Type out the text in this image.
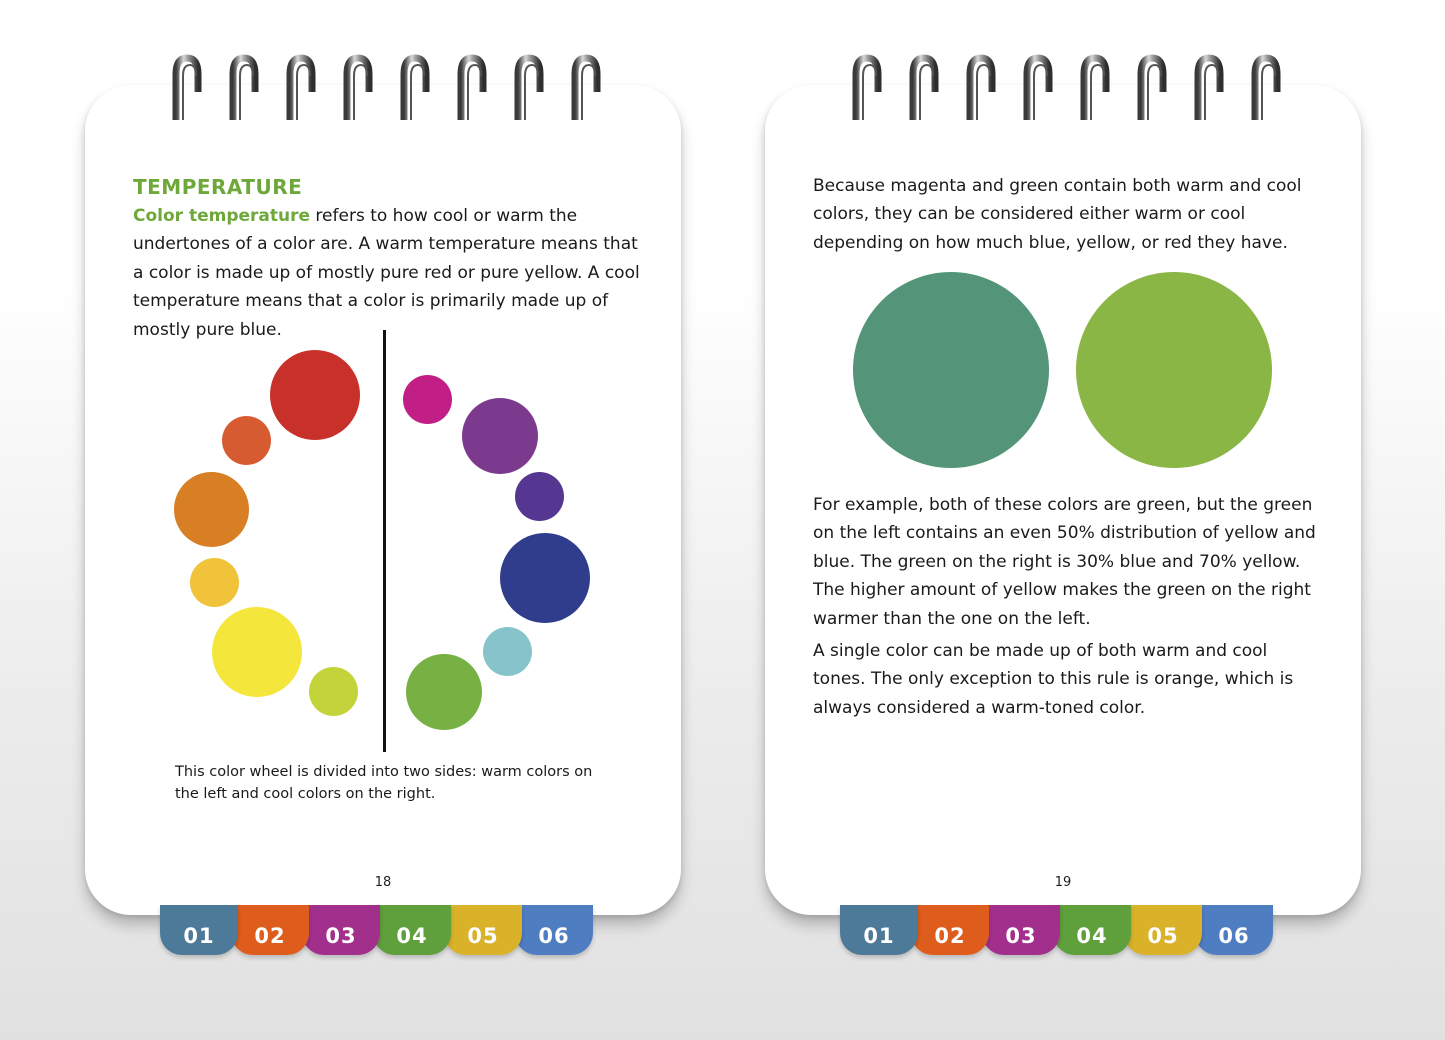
01	02	03	04	05	06	01	02	03	04	05	06
TEMPERATURE

Color temperature refers to how cool or warm the undertones of a color are. A warm temperature means that a color is made up of mostly pure red or pure yellow. A cool temperature means that a color is primarily made up of mostly pure blue.

This color wheel is divided into two sides: warm colors on the left and cool colors on the right.

18

Because magenta and green contain both warm and cool colors, they can be considered either warm or cool depending on how much blue, yellow, or red they have.

For example, both of these colors are green, but the green on the left contains an even 50% distribution of yellow and blue. The green on the right is 30% blue and 70% yellow. The higher amount of yellow makes the green on the right warmer than the one on the left.

A single color can be made up of both warm and cool tones. The only exception to this rule is orange, which is always considered a warm-toned color.

19
